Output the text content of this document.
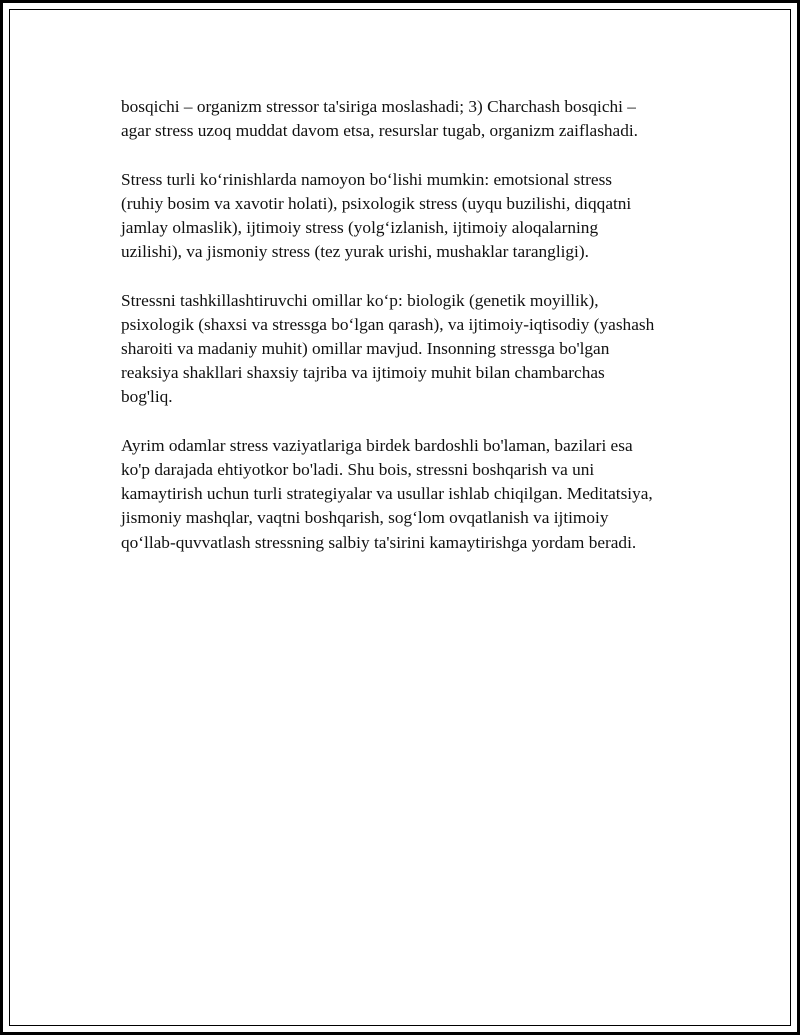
bosqichi – organizm stressor ta'siriga moslashadi; 3) Charchash bosqichi –
agar stress uzoq muddat davom etsa, resurslar tugab, organizm zaiflashadi.

Stress turli ko‘rinishlarda namoyon bo‘lishi mumkin: emotsional stress
(ruhiy bosim va xavotir holati), psixologik stress (uyqu buzilishi, diqqatni
jamlay olmaslik), ijtimoiy stress (yolg‘izlanish, ijtimoiy aloqalarning
uzilishi), va jismoniy stress (tez yurak urishi, mushaklar tarangligi).

Stressni tashkillashtiruvchi omillar ko‘p: biologik (genetik moyillik),
psixologik (shaxsi va stressga bo‘lgan qarash), va ijtimoiy-iqtisodiy (yashash
sharoiti va madaniy muhit) omillar mavjud. Insonning stressga bo'lgan
reaksiya shakllari shaxsiy tajriba va ijtimoiy muhit bilan chambarchas
bog'liq.

Ayrim odamlar stress vaziyatlariga birdek bardoshli bo'laman, bazilari esa
ko'p darajada ehtiyotkor bo'ladi. Shu bois, stressni boshqarish va uni
kamaytirish uchun turli strategiyalar va usullar ishlab chiqilgan. Meditatsiya,
jismoniy mashqlar, vaqtni boshqarish, sog‘lom ovqatlanish va ijtimoiy
qo‘llab-quvvatlash stressning salbiy ta'sirini kamaytirishga yordam beradi.
